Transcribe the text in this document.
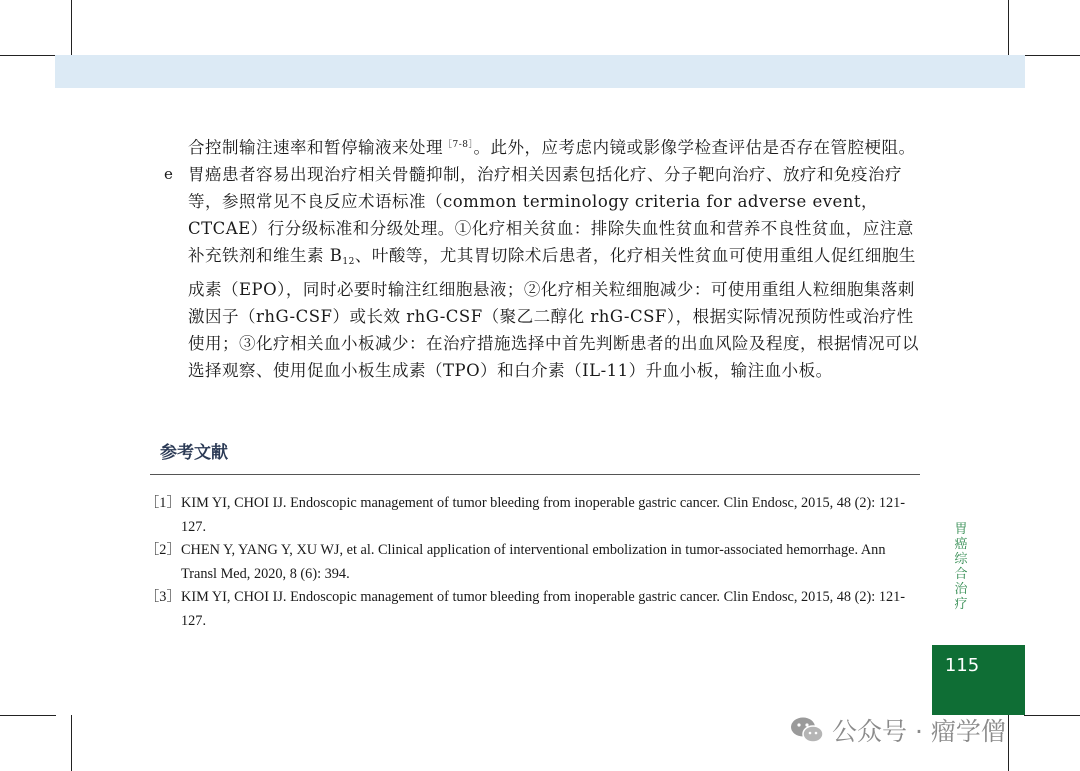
合控制输注速率和暂停输液来处理$^{[7-8]}$。此外，应考虑内镜或影像学检查评估是否存在管腔梗阻。
e 胃癌患者容易出现治疗相关骨髓抑制，治疗相关因素包括化疗、分子靶向治疗、放疗和免疫治疗等，参照常见不良反应术语标准（common terminology criteria for adverse event，CTCAE）行分级标准和分级处理。①化疗相关贫血：排除失血性贫血和营养不良性贫血，应注意补充铁剂和维生素 $B_{12}$、叶酸等，尤其胃切除术后患者，化疗相关性贫血可使用重组人促红细胞生成素（EPO），同时必要时输注红细胞悬液；②化疗相关粒细胞减少：可使用重组人粒细胞集落刺激因子（rhG-CSF）或长效 rhG-CSF（聚乙二醇化 rhG-CSF），根据实际情况预防性或治疗性使用；③化疗相关血小板减少：在治疗措施选择中首先判断患者的出血风险及程度，根据情况可以选择观察、使用促血小板生成素（TPO）和白介素（IL-11）升血小板，输注血小板。
参考文献
［1］ KIM YI, CHOI IJ. Endoscopic management of tumor bleeding from inoperable gastric cancer. Clin Endosc, 2015, 48 (2): 121-127.
［2］ CHEN Y, YANG Y, XU WJ, et al. Clinical application of interventional embolization in tumor-associated hemorrhage. Ann Transl Med, 2020, 8 (6): 394.
［3］ KIM YI, CHOI IJ. Endoscopic management of tumor bleeding from inoperable gastric cancer. Clin Endosc, 2015, 48 (2): 121-127.
胃癌综合治疗
115
公众号 · 瘤学僧
